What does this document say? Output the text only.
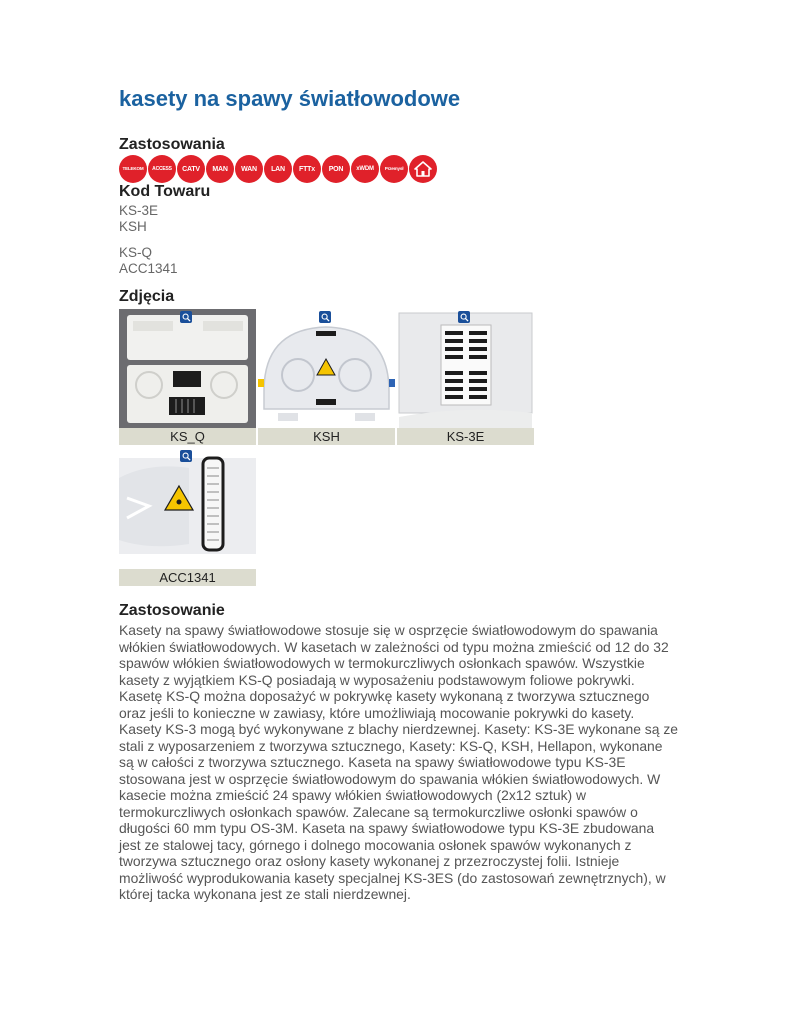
kasety na spawy światłowodowe
Zastosowania
TELEKOM	ACCESS	CATV	MAN	WAN	LAN	FTTx	PON	xWDM	Przemysł
Kod Towaru
KS-3E
KSH
KS-Q
ACC1341
Zdjęcia
KS_Q	KSH	KS-3E
ACC1341
Zastosowanie
Kasety na spawy światłowodowe stosuje się w osprzęcie światłowodowym do spawania włókien światłowodowych. W kasetach w zależności od typu można zmieścić od 12 do 32 spawów włókien światłowodowych w termokurczliwych osłonkach spawów. Wszystkie kasety z wyjątkiem KS-Q posiadają w wyposażeniu podstawowym foliowe pokrywki. Kasetę KS-Q można doposażyć w pokrywkę kasety wykonaną z tworzywa sztucznego oraz jeśli to konieczne w zawiasy, które umożliwiają mocowanie pokrywki do kasety. Kasety KS-3 mogą być wykonywane z blachy nierdzewnej. Kasety: KS-3E wykonane są ze stali z wyposarzeniem z tworzywa sztucznego, Kasety: KS-Q, KSH, Hellapon, wykonane są w całości z tworzywa sztucznego. Kaseta na spawy światłowodowe typu KS-3E stosowana jest w osprzęcie światłowodowym do spawania włókien światłowodowych. W kasecie można zmieścić 24 spawy włókien światłowodowych (2x12 sztuk) w termokurczliwych osłonkach spawów. Zalecane są termokurczliwe osłonki spawów o długości 60 mm typu OS-3M. Kaseta na spawy światłowodowe typu KS-3E zbudowana jest ze stalowej tacy, górnego i dolnego mocowania osłonek spawów wykonanych z tworzywa sztucznego oraz osłony kasety wykonanej z przezroczystej folii. Istnieje możliwość wyprodukowania kasety specjalnej KS-3ES (do zastosowań zewnętrznych), w której tacka wykonana jest ze stali nierdzewnej.
